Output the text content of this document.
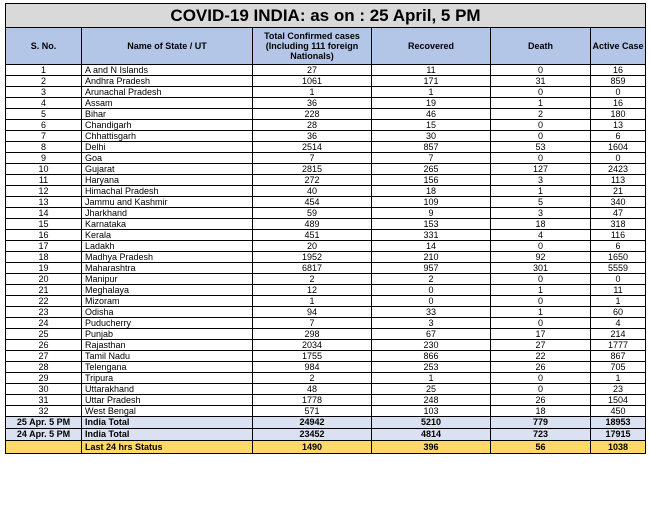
COVID-19 INDIA: as on : 25 April, 5 PM					
S. No.	Name of State / UT	Total Confirmed cases (Including 111 foreign Nationals)	Recovered	Death	Active Case
1	A and N Islands	27	11	0	16
2	Andhra Pradesh	1061	171	31	859
3	Arunachal Pradesh	1	1	0	0
4	Assam	36	19	1	16
5	Bihar	228	46	2	180
6	Chandigarh	28	15	0	13
7	Chhattisgarh	36	30	0	6
8	Delhi	2514	857	53	1604
9	Goa	7	7	0	0
10	Gujarat	2815	265	127	2423
11	Haryana	272	156	3	113
12	Himachal Pradesh	40	18	1	21
13	Jammu and Kashmir	454	109	5	340
14	Jharkhand	59	9	3	47
15	Karnataka	489	153	18	318
16	Kerala	451	331	4	116
17	Ladakh	20	14	0	6
18	Madhya Pradesh	1952	210	92	1650
19	Maharashtra	6817	957	301	5559
20	Manipur	2	2	0	0
21	Meghalaya	12	0	1	11
22	Mizoram	1	0	0	1
23	Odisha	94	33	1	60
24	Puducherry	7	3	0	4
25	Punjab	298	67	17	214
26	Rajasthan	2034	230	27	1777
27	Tamil Nadu	1755	866	22	867
28	Telengana	984	253	26	705
29	Tripura	2	1	0	1
30	Uttarakhand	48	25	0	23
31	Uttar Pradesh	1778	248	26	1504
32	West Bengal	571	103	18	450
25 Apr. 5 PM	India Total	24942	5210	779	18953
24 Apr. 5 PM	India Total	23452	4814	723	17915
	Last 24 hrs Status	1490	396	56	1038
